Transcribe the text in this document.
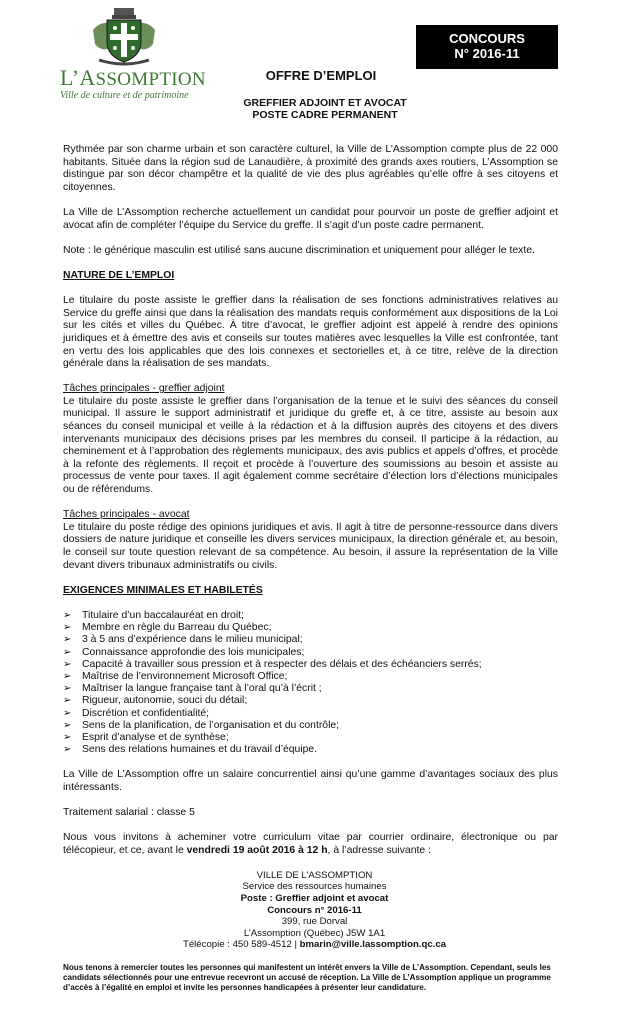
L’ASSOMPTION
Ville de culture et de patrimoine
CONCOURS
N° 2016-11
OFFRE D’EMPLOI
GREFFIER ADJOINT ET AVOCAT
POSTE CADRE PERMANENT

Rythmée par son charme urbain et son caractère culturel, la Ville de L’Assomption compte plus de 22 000 habitants. Située dans la région sud de Lanaudière, à proximité des grands axes routiers, L’Assomption se distingue par son décor champêtre et la qualité de vie des plus agréables qu’elle offre à ses citoyens et citoyennes.

La Ville de L’Assomption recherche actuellement un candidat pour pourvoir un poste de greffier adjoint et avocat afin de compléter l’équipe du Service du greffe. Il s’agit d’un poste cadre permanent.

Note : le générique masculin est utilisé sans aucune discrimination et uniquement pour alléger le texte.

NATURE DE L’EMPLOI

Le titulaire du poste assiste le greffier dans la réalisation de ses fonctions administratives relatives au Service du greffe ainsi que dans la réalisation des mandats requis conformément aux dispositions de la Loi sur les cités et villes du Québec. À titre d’avocat, le greffier adjoint est appelé à rendre des opinions juridiques et à émettre des avis et conseils sur toutes matières avec lesquelles la Ville est confrontée, tant en vertu des lois applicables que des lois connexes et sectorielles et, à ce titre, relève de la direction générale dans la réalisation de ses mandats.

Tâches principales - greffier adjoint

Le titulaire du poste assiste le greffier dans l’organisation de la tenue et le suivi des séances du conseil municipal. Il assure le support administratif et juridique du greffe et, à ce titre, assiste au besoin aux séances du conseil municipal et veille à la rédaction et à la diffusion auprès des citoyens et des divers intervenants municipaux des décisions prises par les membres du conseil. Il participe à la rédaction, au cheminement et à l’approbation des règlements municipaux, des avis publics et appels d’offres, et procède à la refonte des règlements. Il reçoit et procède à l’ouverture des soumissions au besoin et assiste au processus de vente pour taxes. Il agit également comme secrétaire d’élection lors d’élections municipales ou de référendums.

Tâches principales - avocat

Le titulaire du poste rédige des opinions juridiques et avis. Il agit à titre de personne-ressource dans divers dossiers de nature juridique et conseille les divers services municipaux, la direction générale et, au besoin, le conseil sur toute question relevant de sa compétence. Au besoin, il assure la représentation de la Ville devant divers tribunaux administratifs ou civils.

EXIGENCES MINIMALES ET HABILETÉS
➢ Titulaire d’un baccalauréat en droit;
➢ Membre en règle du Barreau du Québec;
➢ 3 à 5 ans d’expérience dans le milieu municipal;
➢ Connaissance approfondie des lois municipales;
➢ Capacité à travailler sous pression et à respecter des délais et des échéanciers serrés;
➢ Maîtrise de l’environnement Microsoft Office;
➢ Maîtriser la langue française tant à l’oral qu’à l’écrit ;
➢ Rigueur, autonomie, souci du détail;
➢ Discrétion et confidentialité;
➢ Sens de la planification, de l’organisation et du contrôle;
➢ Esprit d’analyse et de synthèse;
➢ Sens des relations humaines et du travail d’équipe.

La Ville de L’Assomption offre un salaire concurrentiel ainsi qu’une gamme d’avantages sociaux des plus intéressants.

Traitement salarial : classe 5

Nous vous invitons à acheminer votre curriculum vitae par courrier ordinaire, électronique ou par télécopieur, et ce, avant le vendredi 19 août 2016 à 12 h, à l’adresse suivante :

VILLE DE L’ASSOMPTION
Service des ressources humaines
Poste : Greffier adjoint et avocat
Concours n° 2016-11
399, rue Dorval
L’Assomption (Québec) J5W 1A1
Télécopie : 450 589-4512 | bmarin@ville.lassomption.qc.ca
Nous tenons à remercier toutes les personnes qui manifestent un intérêt envers la Ville de L’Assomption. Cependant, seuls les candidats sélectionnés pour une entrevue recevront un accusé de réception. La Ville de L’Assomption applique un programme d’accès à l’égalité en emploi et invite les personnes handicapées à présenter leur candidature.
